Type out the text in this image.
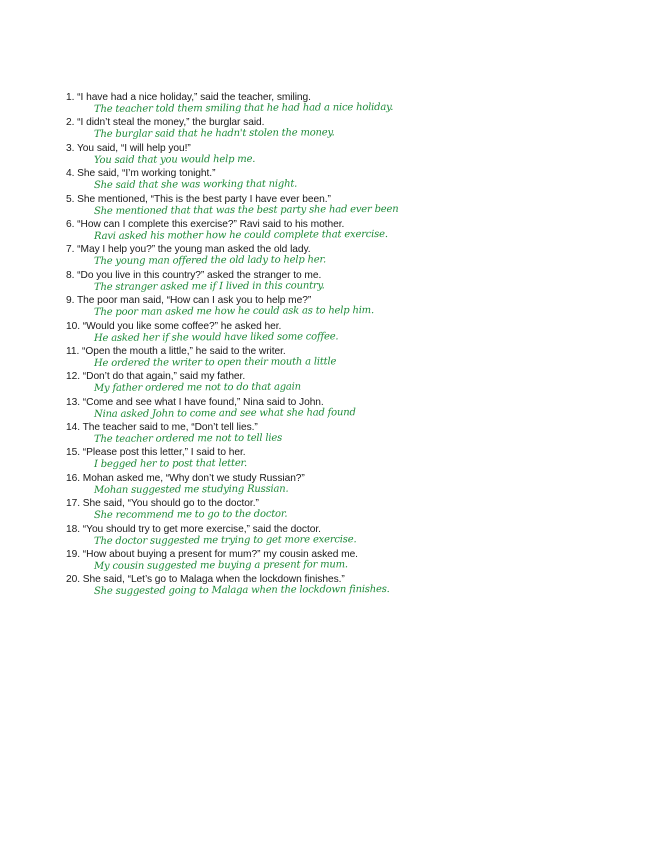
1. “I have had a nice holiday,” said the teacher, smiling.
The teacher told them smiling that he had had a nice holiday.
2. “I didn’t steal the money,” the burglar said.
The burglar said that he hadn't stolen the money.
3. You said, “I will help you!”
You said that you would help me.
4. She said, “I’m working tonight.”
She said that she was working that night.
5. She mentioned, “This is the best party I have ever been.”
She mentioned that that was the best party she had ever been
6. “How can I complete this exercise?” Ravi said to his mother.
Ravi asked his mother how he could complete that exercise.
7. “May I help you?” the young man asked the old lady.
The young man offered the old lady to help her.
8. “Do you live in this country?” asked the stranger to me.
The stranger asked me if I lived in this country.
9. The poor man said, “How can I ask you to help me?”
The poor man asked me how he could ask as to help him.
10. “Would you like some coffee?” he asked her.
He asked her if she would have liked some coffee.
11. “Open the mouth a little,” he said to the writer.
He ordered the writer to open their mouth a little
12. “Don’t do that again,” said my father.
My father ordered me not to do that again
13. “Come and see what I have found,” Nina said to John.
Nina asked John to come and see what she had found
14. The teacher said to me, “Don’t tell lies.”
The teacher ordered me not to tell lies
15. “Please post this letter,” I said to her.
I begged her to post that letter.
16. Mohan asked me, “Why don’t we study Russian?”
Mohan suggested me studying Russian.
17. She said, “You should go to the doctor.”
She recommend me to go to the doctor.
18. “You should try to get more exercise,” said the doctor.
The doctor suggested me trying to get more exercise.
19. “How about buying a present for mum?” my cousin asked me.
My cousin suggested me buying a present for mum.
20. She said, “Let’s go to Malaga when the lockdown finishes.”
She suggested going to Malaga when the lockdown finishes.
